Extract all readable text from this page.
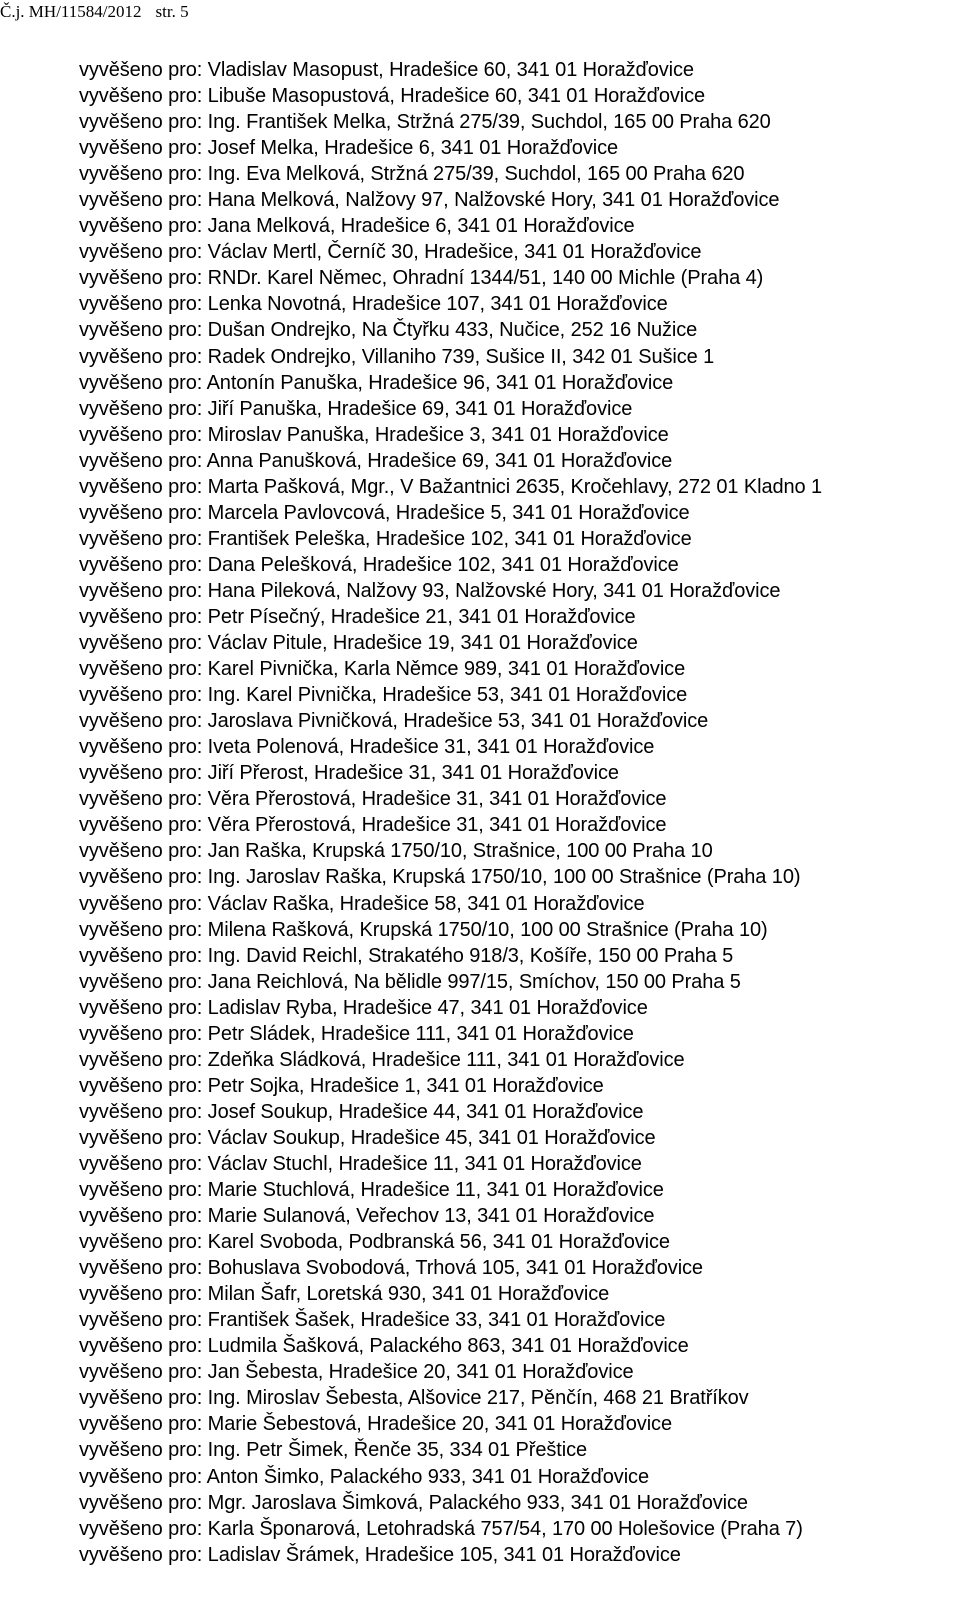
Č.j. MH/11584/2012 str. 5
vyvěšeno pro: Vladislav Masopust, Hradešice 60, 341 01 Horažďovice
vyvěšeno pro: Libuše Masopustová, Hradešice 60, 341 01 Horažďovice
vyvěšeno pro: Ing. František Melka, Stržná 275/39, Suchdol, 165 00 Praha 620
vyvěšeno pro: Josef Melka, Hradešice 6, 341 01 Horažďovice
vyvěšeno pro: Ing. Eva Melková, Stržná 275/39, Suchdol, 165 00 Praha 620
vyvěšeno pro: Hana Melková, Nalžovy 97, Nalžovské Hory, 341 01 Horažďovice
vyvěšeno pro: Jana Melková, Hradešice 6, 341 01 Horažďovice
vyvěšeno pro: Václav Mertl, Černíč 30, Hradešice, 341 01 Horažďovice
vyvěšeno pro: RNDr. Karel Němec, Ohradní 1344/51, 140 00 Michle (Praha 4)
vyvěšeno pro: Lenka Novotná, Hradešice 107, 341 01 Horažďovice
vyvěšeno pro: Dušan Ondrejko, Na Čtyřku 433, Nučice, 252 16 Nužice
vyvěšeno pro: Radek Ondrejko, Villaniho 739, Sušice II, 342 01 Sušice 1
vyvěšeno pro: Antonín Panuška, Hradešice 96, 341 01 Horažďovice
vyvěšeno pro: Jiří Panuška, Hradešice 69, 341 01 Horažďovice
vyvěšeno pro: Miroslav Panuška, Hradešice 3, 341 01 Horažďovice
vyvěšeno pro: Anna Panušková, Hradešice 69, 341 01 Horažďovice
vyvěšeno pro: Marta Pašková, Mgr., V Bažantnici 2635, Kročehlavy, 272 01 Kladno 1
vyvěšeno pro: Marcela Pavlovcová, Hradešice 5, 341 01 Horažďovice
vyvěšeno pro: František Peleška, Hradešice 102, 341 01 Horažďovice
vyvěšeno pro: Dana Pelešková, Hradešice 102, 341 01 Horažďovice
vyvěšeno pro: Hana Pileková, Nalžovy 93, Nalžovské Hory, 341 01 Horažďovice
vyvěšeno pro: Petr Písečný, Hradešice 21, 341 01 Horažďovice
vyvěšeno pro: Václav Pitule, Hradešice 19, 341 01 Horažďovice
vyvěšeno pro: Karel Pivnička, Karla Němce 989, 341 01 Horažďovice
vyvěšeno pro: Ing. Karel Pivnička, Hradešice 53, 341 01 Horažďovice
vyvěšeno pro: Jaroslava Pivničková, Hradešice 53, 341 01 Horažďovice
vyvěšeno pro: Iveta Polenová, Hradešice 31, 341 01 Horažďovice
vyvěšeno pro: Jiří Přerost, Hradešice 31, 341 01 Horažďovice
vyvěšeno pro: Věra Přerostová, Hradešice 31, 341 01 Horažďovice
vyvěšeno pro: Věra Přerostová, Hradešice 31, 341 01 Horažďovice
vyvěšeno pro: Jan Raška, Krupská 1750/10, Strašnice, 100 00 Praha 10
vyvěšeno pro: Ing. Jaroslav Raška, Krupská 1750/10, 100 00 Strašnice (Praha 10)
vyvěšeno pro: Václav Raška, Hradešice 58, 341 01 Horažďovice
vyvěšeno pro: Milena Rašková, Krupská 1750/10, 100 00 Strašnice (Praha 10)
vyvěšeno pro: Ing. David Reichl, Strakatého 918/3, Košíře, 150 00 Praha 5
vyvěšeno pro: Jana Reichlová, Na bělidle 997/15, Smíchov, 150 00 Praha 5
vyvěšeno pro: Ladislav Ryba, Hradešice 47, 341 01 Horažďovice
vyvěšeno pro: Petr Sládek, Hradešice 111, 341 01 Horažďovice
vyvěšeno pro: Zdeňka Sládková, Hradešice 111, 341 01 Horažďovice
vyvěšeno pro: Petr Sojka, Hradešice 1, 341 01 Horažďovice
vyvěšeno pro: Josef Soukup, Hradešice 44, 341 01 Horažďovice
vyvěšeno pro: Václav Soukup, Hradešice 45, 341 01 Horažďovice
vyvěšeno pro: Václav Stuchl, Hradešice 11, 341 01 Horažďovice
vyvěšeno pro: Marie Stuchlová, Hradešice 11, 341 01 Horažďovice
vyvěšeno pro: Marie Sulanová, Veřechov 13, 341 01 Horažďovice
vyvěšeno pro: Karel Svoboda, Podbranská 56, 341 01 Horažďovice
vyvěšeno pro: Bohuslava Svobodová, Trhová 105, 341 01 Horažďovice
vyvěšeno pro: Milan Šafr, Loretská 930, 341 01 Horažďovice
vyvěšeno pro: František Šašek, Hradešice 33, 341 01 Horažďovice
vyvěšeno pro: Ludmila Šašková, Palackého 863, 341 01 Horažďovice
vyvěšeno pro: Jan Šebesta, Hradešice 20, 341 01 Horažďovice
vyvěšeno pro: Ing. Miroslav Šebesta, Alšovice 217, Pěnčín, 468 21 Bratříkov
vyvěšeno pro: Marie Šebestová, Hradešice 20, 341 01 Horažďovice
vyvěšeno pro: Ing. Petr Šimek, Řenče 35, 334 01 Přeštice
vyvěšeno pro: Anton Šimko, Palackého 933, 341 01 Horažďovice
vyvěšeno pro: Mgr. Jaroslava Šimková, Palackého 933, 341 01 Horažďovice
vyvěšeno pro: Karla Šponarová, Letohradská 757/54, 170 00 Holešovice (Praha 7)
vyvěšeno pro: Ladislav Šrámek, Hradešice 105, 341 01 Horažďovice
